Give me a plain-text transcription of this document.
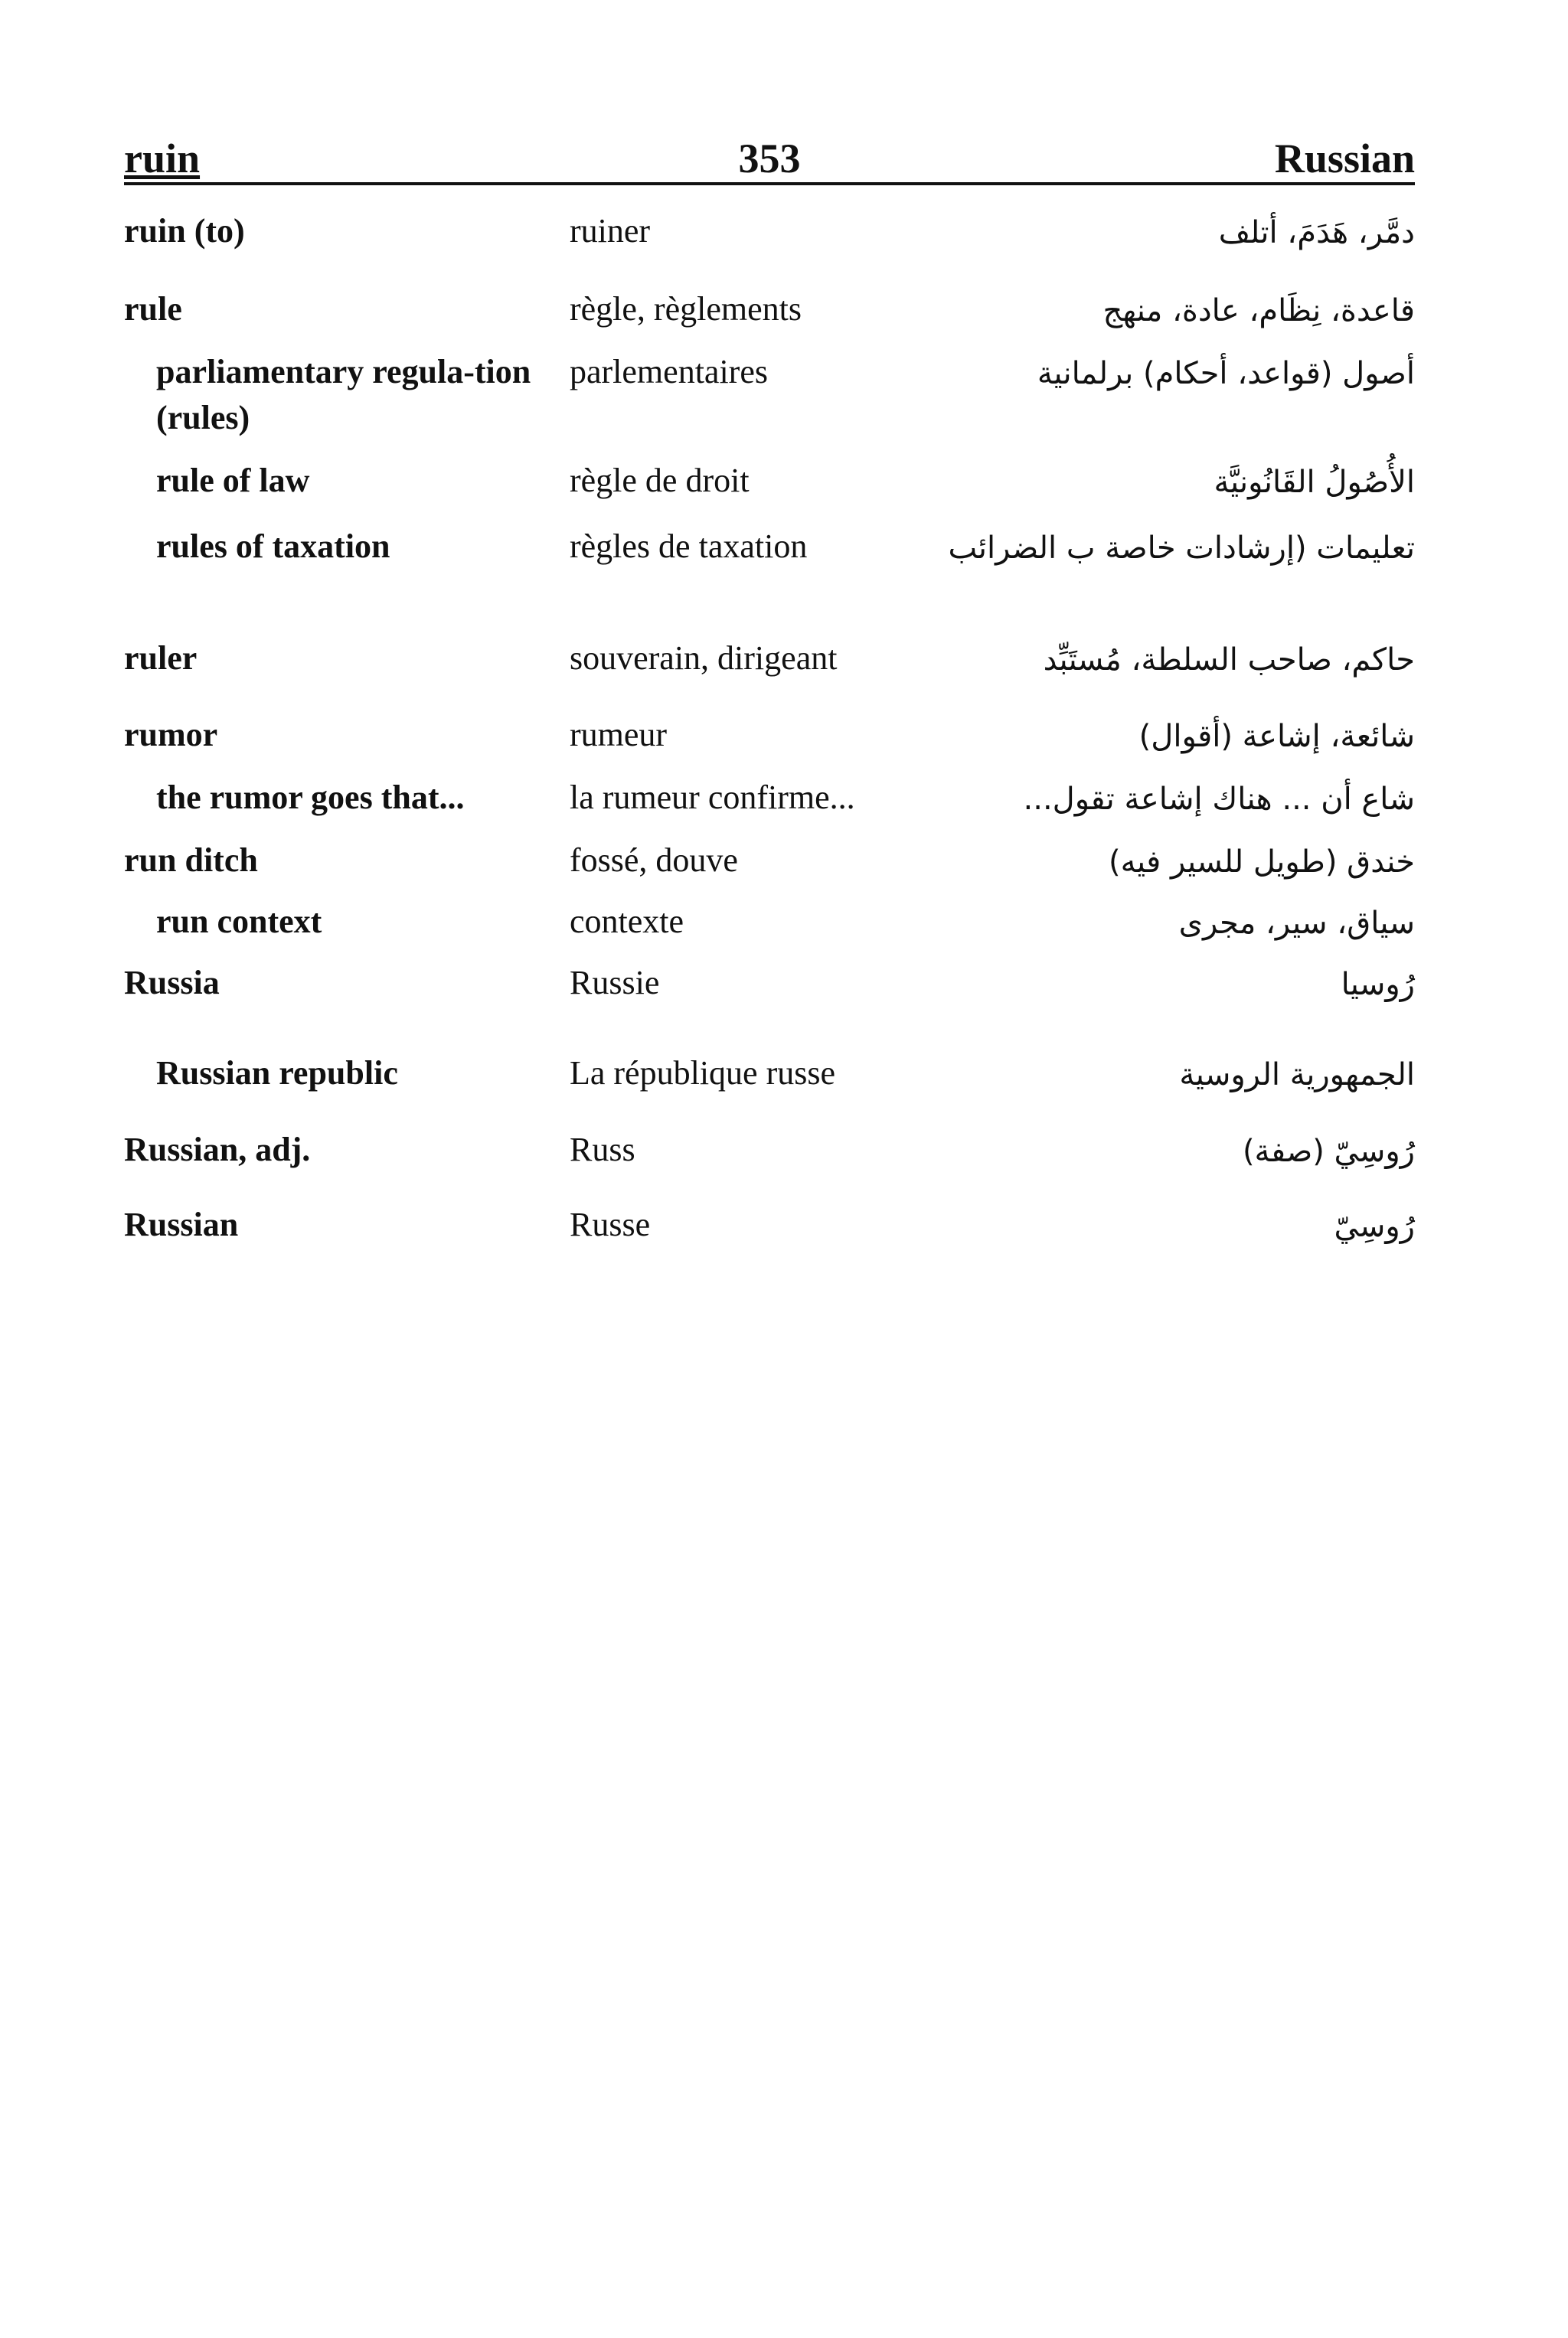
ruin	353	Russian
ruin (to)	ruiner	دمَّر، هَدَمَ، أتلف
rule	règle, règlements	قاعدة، نِظَام، عادة، منهج
parliamentary regula-tion (rules)
parlementaires	أصول (قواعد، أحكام) برلمانية
rule of law	règle de droit	الأُصُولُ القَانُونيَّة
rules of taxation	règles de taxation	تعليمات (إرشادات خاصة ب الضرائب
ruler	souverain, dirigeant	حاكم، صاحب السلطة، مُستَبِّد
rumor	rumeur	شائعة، إشاعة (أقوال)
the rumor goes that...	la rumeur confirme...	شاع أن ... هناك إشاعة تقول...
run ditch	fossé, douve	خندق (طويل للسير فيه)
run context	contexte	سياق، سير، مجرى
Russia	Russie	رُوسيا
Russian republic	La république russe	الجمهورية الروسية
Russian, adj.	Russ	رُوسِيّ (صفة)
Russian	Russe	رُوسِيّ
